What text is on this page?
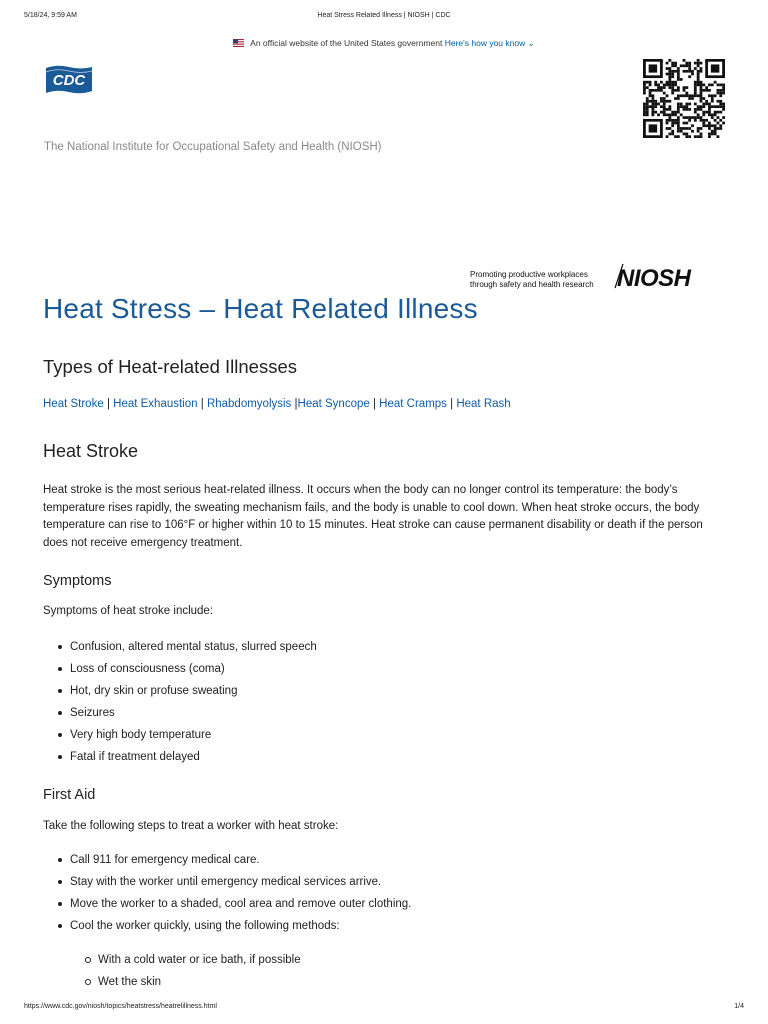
5/18/24, 9:59 AM	Heat Stress Related Illness | NIOSH | CDC
An official website of the United States government Here's how you know ⌄
CDC
The National Institute for Occupational Safety and Health (NIOSH)
Promoting productive workplaces
through safety and health research NIOSH
Heat Stress – Heat Related Illness
Types of Heat-related Illnesses
Heat Stroke | Heat Exhaustion | Rhabdomyolysis |Heat Syncope | Heat Cramps | Heat Rash
Heat Stroke
Heat stroke is the most serious heat-related illness. It occurs when the body can no longer control its temperature: the body’s temperature rises rapidly, the sweating mechanism fails, and the body is unable to cool down. When heat stroke occurs, the body temperature can rise to 106°F or higher within 10 to 15 minutes. Heat stroke can cause permanent disability or death if the person does not receive emergency treatment.
Symptoms
Symptoms of heat stroke include:
Confusion, altered mental status, slurred speech
Loss of consciousness (coma)
Hot, dry skin or profuse sweating
Seizures
Very high body temperature
Fatal if treatment delayed
First Aid
Take the following steps to treat a worker with heat stroke:
Call 911 for emergency medical care.
Stay with the worker until emergency medical services arrive.
Move the worker to a shaded, cool area and remove outer clothing.
Cool the worker quickly, using the following methods:
With a cold water or ice bath, if possible
Wet the skin
https://www.cdc.gov/niosh/topics/heatstress/heatrelillness.html	1/4
